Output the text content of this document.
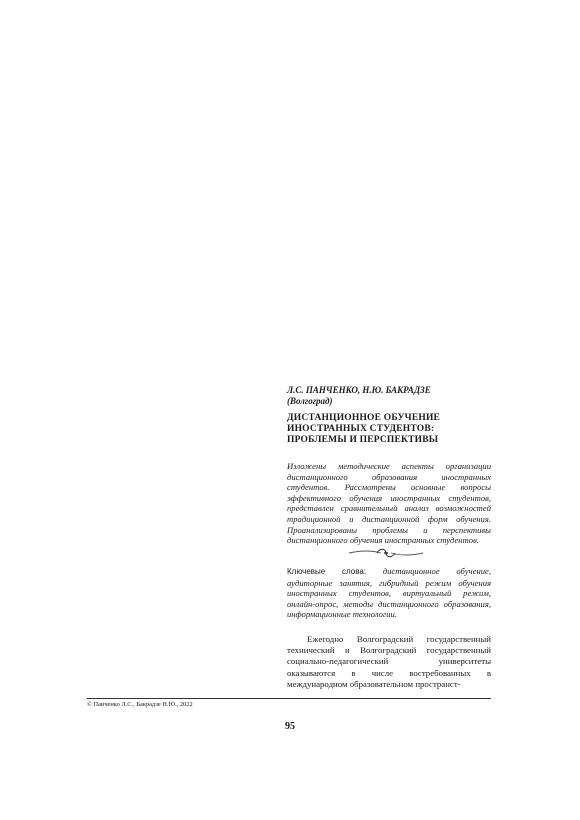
Л.С. ПАНЧЕНКО, Н.Ю. БАКРАДЗЕ
(Волгоград)
ДИСТАНЦИОННОЕ ОБУЧЕНИЕ
ИНОСТРАННЫХ СТУДЕНТОВ:
ПРОБЛЕМЫ И ПЕРСПЕКТИВЫ

Изложены методические аспекты организации дистанционного образования иностранных студентов. Рассмотрены основные вопросы эффективного обучения иностранных студентов, представлен сравнительный анализ возможностей традиционной и дистанционной форм обучения. Проанализированы проблемы и перспективы дистанционного обучения иностранных студентов.

Ключевые слова: дистанционное обучение, аудиторные занятия, гибридный режим обучения иностранных студентов, виртуальный режим, онлайн-опрос, методы дистанционного образования, информационные технологии.

Ежегодно Волгоградский государственный технический и Волгоградский государственный социально-педагогический университеты оказываются в числе востребованных в международном образовательном пространст-

© Панченко Л.С., Бакрадзе Н.Ю., 2022
95
